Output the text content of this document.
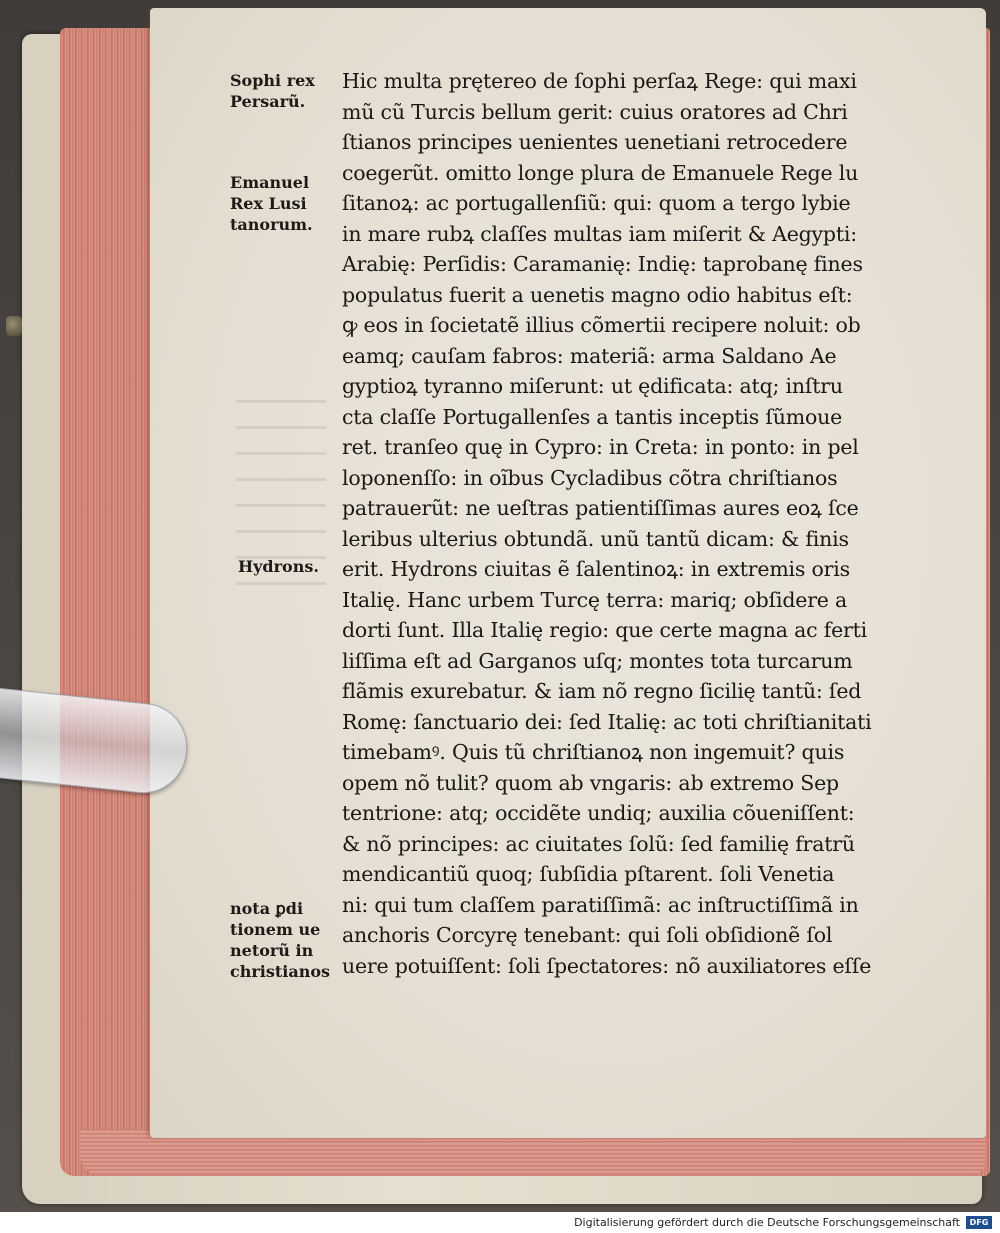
Sophi rex
Persarũ.
Emanuel
Rex Lusi
tanorum.
Hydrons.
nota ꝑdi
tionem ue
netorũ in
christianos
Hic multa prętereo de ſophi perſaꝝ Rege: qui maxi
mũ cũ Turcis bellum gerit: cuius oratores ad Chri
ſtianos principes uenientes uenetiani retrocedere
coegerũt. omitto longe plura de Emanuele Rege lu
ſitanoꝝ: ac portugallenſiũ: qui: quom a tergo lybie
in mare rubꝝ claſſes multas iam miſerit & Aegypti:
Arabię: Perſidis: Caramanię: Indię: taprobanę fines
populatus fuerit a uenetis magno odio habitus eſt:
ꝙ eos in ſocietatẽ illius cõmertii recipere noluit: ob
eamq; cauſam fabros: materiã: arma Saldano Ae
gyptioꝝ tyranno miſerunt: ut ędificata: atq; inſtru
cta claſſe Portugallenſes a tantis inceptis ſũmoue
ret. tranſeo quę in Cypro: in Creta: in ponto: in pel
loponenſſo: in oĩbus Cycladibus cõtra chriſtianos
patrauerũt: ne ueſtras patientiſſimas aures eoꝝ ſce
leribus ulterius obtundã. unũ tantũ dicam: & finis
erit. Hydrons ciuitas ẽ ſalentinoꝝ: in extremis oris
Italię. Hanc urbem Turcę terra: mariq; obſidere a
dorti ſunt. Illa Italię regio: que certe magna ac ferti
liſſima eſt ad Garganos uſq; montes tota turcarum
flãmis exurebatur. & iam nõ regno ſicilię tantũ: ſed
Romę: ſanctuario dei: ſed Italię: ac toti chriſtianitati
timebamꝰ. Quis tũ chriſtianoꝝ non ingemuit? quis
opem nõ tulit? quom ab vngaris: ab extremo Sep
tentrione: atq; occidẽte undiq; auxilia cõueniſſent:
& nõ principes: ac ciuitates ſolũ: ſed familię fratrũ
mendicantiũ quoq; ſubſidia pſtarent. ſoli Venetia
ni: qui tum claſſem paratiſſimã: ac inſtructiſſimã in
anchoris Corcyrę tenebant: qui ſoli obſidionẽ ſol
uere potuiſſent: ſoli ſpectatores: nõ auxiliatores eſſe
Digitalisierung gefördert durch die Deutsche Forschungsgemeinschaft	DFG
